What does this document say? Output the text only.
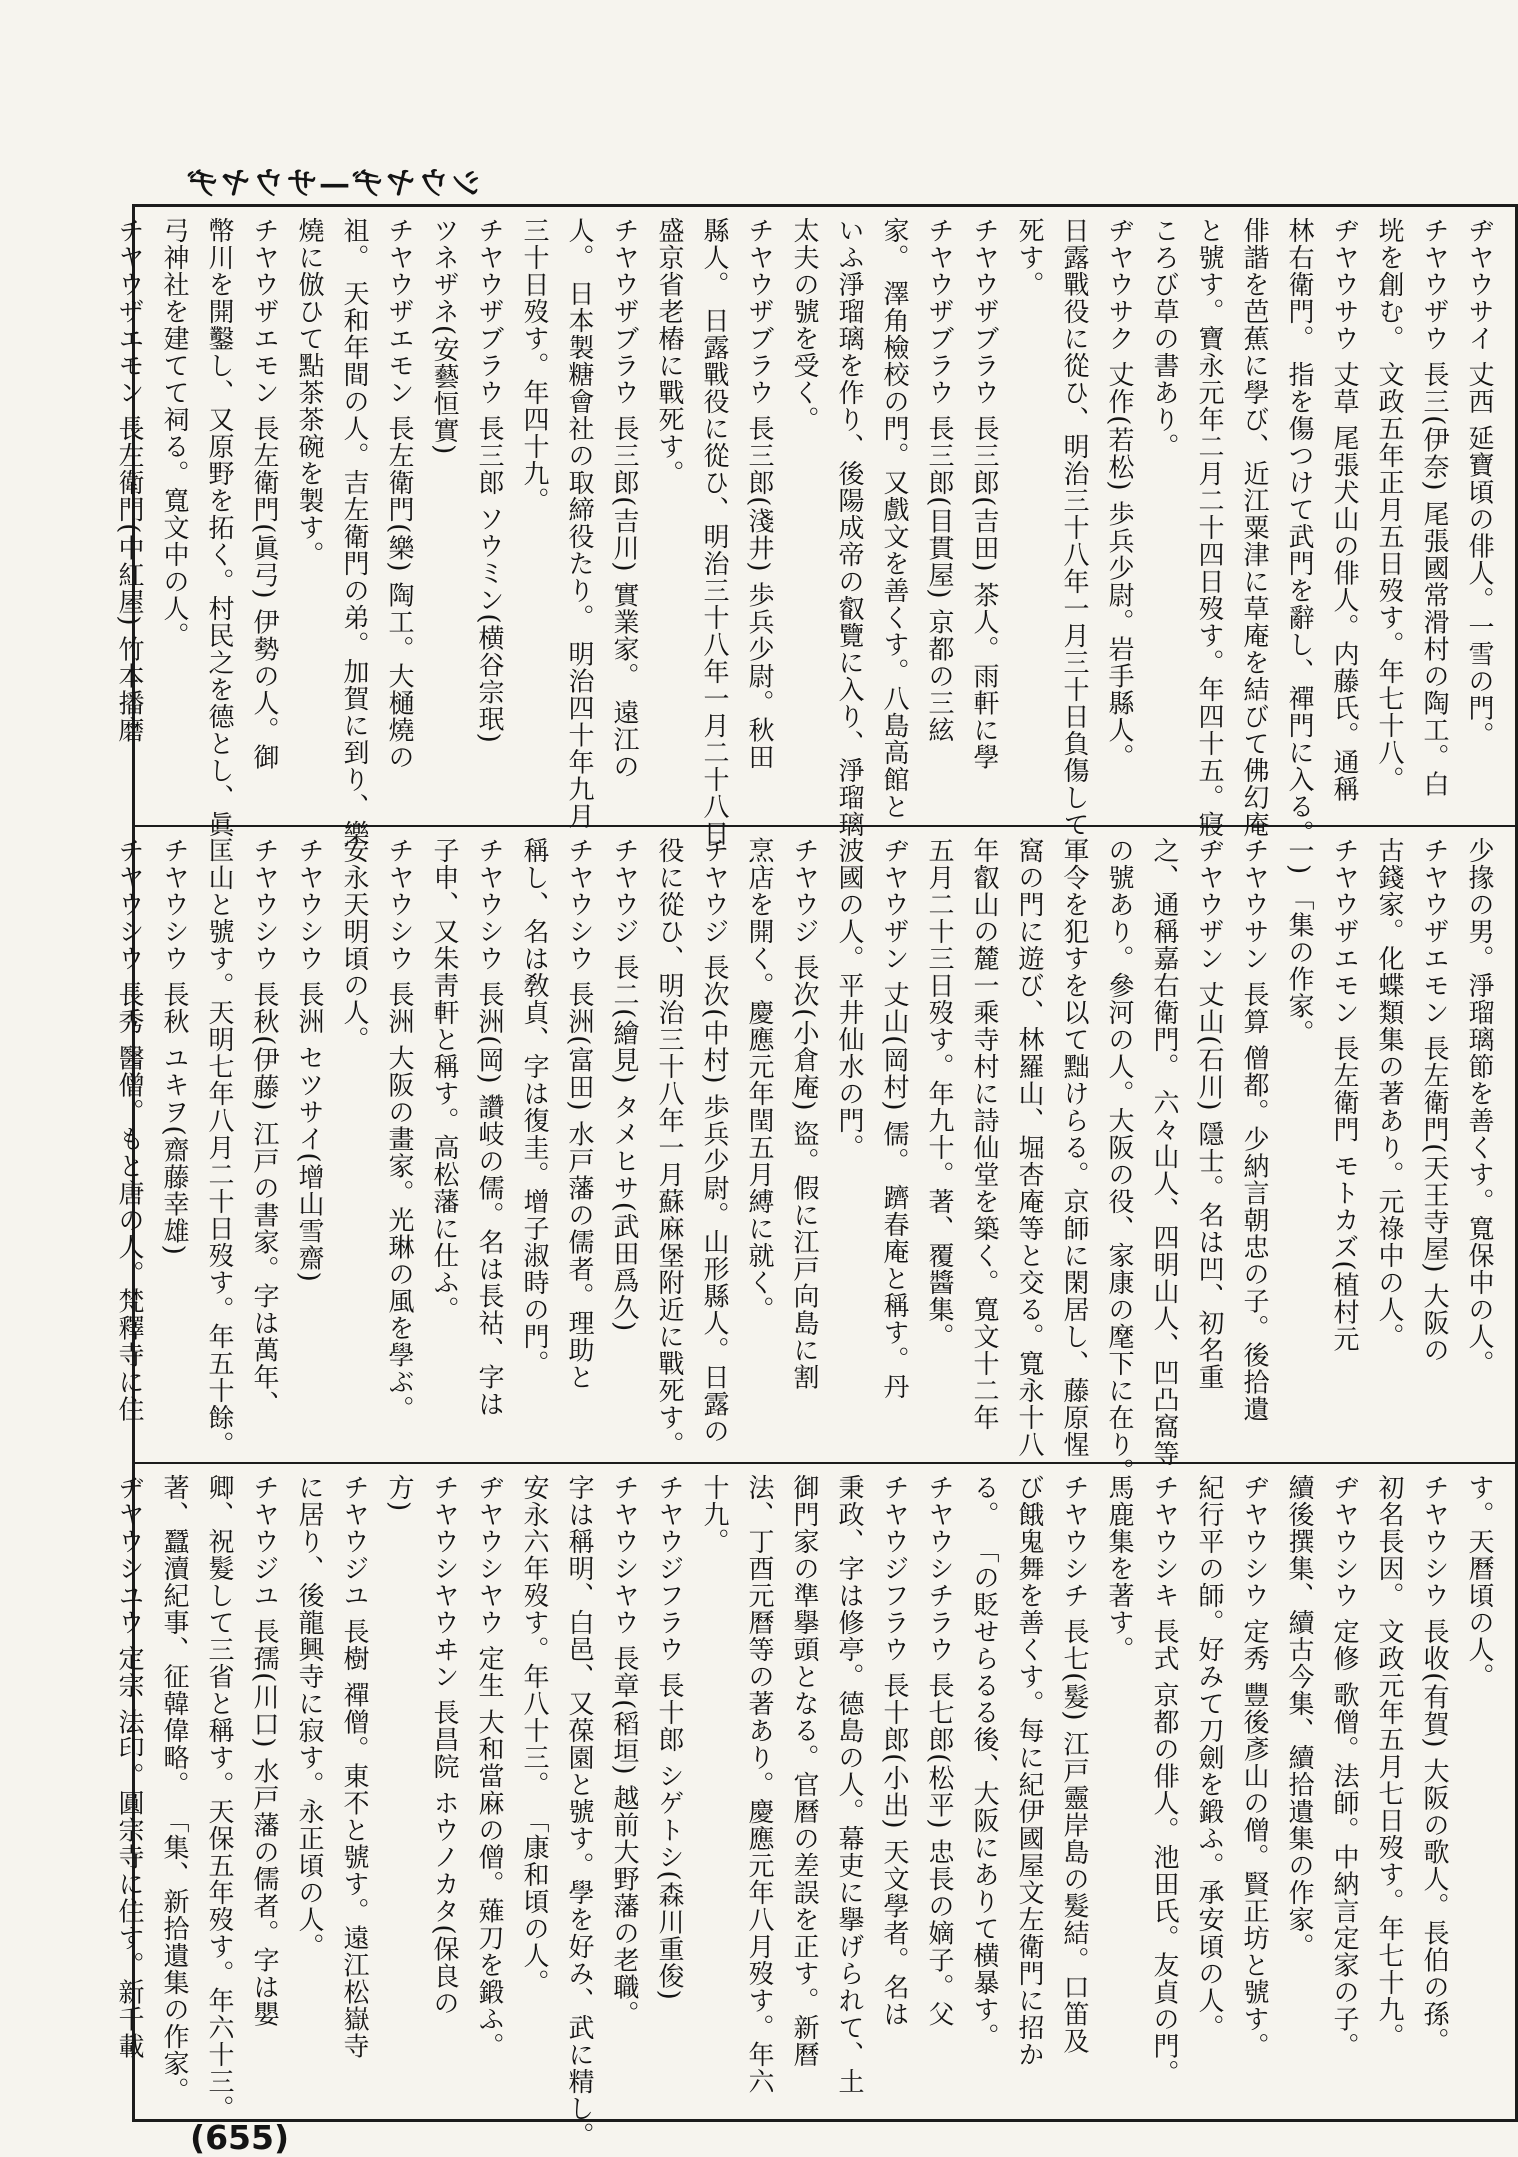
シウヤヂ—サウヤヂ
ヂヤウサイ 丈西 延寶頃の俳人。一雪の門。
チヤウザウ 長三(伊奈) 尾張國常滑村の陶工。白
垙を創む。 文政五年正月五日歿す。年七十八。
ヂヤウサウ 丈草 尾張犬山の俳人。内藤氏。通稱
林右衛門。 指を傷つけて武門を辭し、禪門に入る。
俳諧を芭蕉に學び、近江粟津に草庵を結びて佛幻庵
と號す。寶永元年二月二十四日歿す。年四十五。寢
ころび草の書あり。
ヂヤウサク 丈作(若松) 歩兵少尉。岩手縣人。
日露戰役に從ひ、明治三十八年一月三十日負傷して
死す。
チヤウザブラウ 長三郎(吉田) 茶人。雨軒に學
チヤウザブラウ 長三郎(目貫屋) 京都の三絃
家。 澤角檢校の門。又戲文を善くす。八島高館と
いふ淨瑠璃を作り、後陽成帝の叡覽に入り、淨瑠璃
太夫の號を受く。
チヤウザブラウ 長三郎(淺井) 歩兵少尉。秋田
縣人。 日露戰役に從ひ、明治三十八年一月二十八日
盛京省老樁に戰死す。
チヤウザブラウ 長三郎(吉川) 實業家。 遠江の
人。 日本製糖會社の取締役たり。 明治四十年九月
三十日歿す。年四十九。
チヤウザブラウ 長三郎 ソウミン(横谷宗珉)
ツネザネ(安藝恒實)
チヤウザエモン 長左衛門(樂) 陶工。大樋燒の
祖。 天和年間の人。吉左衛門の弟。加賀に到り、樂
燒に倣ひて點茶茶碗を製す。
チヤウザエモン 長左衛門(眞弓) 伊勢の人。御
幣川を開鑿し、又原野を拓く。村民之を德とし、眞
弓神社を建てて祠る。寬文中の人。
チヤウザエモン 長左衛門(中紅屋) 竹本播磨
少掾の男。淨瑠璃節を善くす。寬保中の人。
チヤウザエモン 長左衛門(天王寺屋) 大阪の
古錢家。化蝶類集の著あり。元祿中の人。
チヤウザエモン 長左衛門 モトカズ(植村元
一) 「集の作家。
チヤウサン 長算 僧都。少納言朝忠の子。後拾遺
ヂヤウザン 丈山(石川) 隱士。名は凹、初名重
之、通稱嘉右衛門。 六々山人、四明山人、凹凸窩等
の號あり。參河の人。大阪の役、家康の麾下に在り。
軍令を犯すを以て黜けらる。京師に閑居し、藤原惺
窩の門に遊び、林羅山、堀杏庵等と交る。寬永十八
年叡山の麓一乘寺村に詩仙堂を築く。寬文十二年
五月二十三日歿す。年九十。著、覆醬集。
ヂヤウザン 丈山(岡村) 儒。 躋春庵と稱す。丹
波國の人。平井仙水の門。
チヤウジ 長次(小倉庵) 盜。假に江戸向島に割
烹店を開く。慶應元年閏五月縛に就く。
チヤウジ 長次(中村) 歩兵少尉。山形縣人。日露の
役に從ひ、明治三十八年一月蘇麻堡附近に戰死す。
チヤウジ 長二(繪見) タメヒサ(武田爲久)
チヤウシウ 長洲(富田) 水戸藩の儒者。理助と
稱し、名は敎貞、字は復圭。增子淑時の門。
チヤウシウ 長洲(岡) 讚岐の儒。名は長祜、字は
子申、又朱靑軒と稱す。高松藩に仕ふ。
チヤウシウ 長洲 大阪の畫家。光琳の風を學ぶ。
安永天明頃の人。
チヤウシウ 長洲 セツサイ(增山雪齋)
チヤウシウ 長秋(伊藤) 江戸の書家。字は萬年、
匡山と號す。天明七年八月二十日歿す。年五十餘。
チヤウシウ 長秋 ユキヲ(齋藤幸雄)
チヤウシウ 長秀 醫僧。もと唐の人。梵釋寺に住
す。天曆頃の人。
チヤウシウ 長收(有賀) 大阪の歌人。長伯の孫。
初名長因。 文政元年五月七日歿す。年七十九。
ヂヤウシウ 定修 歌僧。法師。中納言定家の子。
續後撰集、續古今集、續拾遺集の作家。
ヂヤウシウ 定秀 豐後彥山の僧。賢正坊と號す。
紀行平の師。好みて刀劍を鍛ふ。承安頃の人。
チヤウシキ 長式 京都の俳人。池田氏。友貞の門。
馬鹿集を著す。
チヤウシチ 長七(髮) 江戸靈岸島の髮結。口笛及
び餓鬼舞を善くす。每に紀伊國屋文左衛門に招か
る。 「の貶せらるる後、大阪にありて横暴す。
チヤウシチラウ 長七郎(松平) 忠長の嫡子。父
チヤウジフラウ 長十郎(小出) 天文學者。名は
秉政、字は修亭。德島の人。幕吏に擧げられて、土
御門家の準擧頭となる。官曆の差誤を正す。新曆
法、丁酉元曆等の著あり。慶應元年八月歿す。年六
十九。
チヤウジフラウ 長十郎 シゲトシ(森川重俊)
チヤウシヤウ 長章(稻垣) 越前大野藩の老職。
字は稱明、白邑、又葆園と號す。學を好み、武に精し。
安永六年歿す。年八十三。 「康和頃の人。
ヂヤウシヤウ 定生 大和當麻の僧。薙刀を鍛ふ。
チヤウシヤウヰン 長昌院 ホウノカタ(保良の
方)
チヤウジユ 長樹 禪僧。東不と號す。遠江松嶽寺
に居り、後龍興寺に寂す。永正頃の人。
チヤウジユ 長孺(川口) 水戸藩の儒者。字は嬰
卿、祝髮して三省と稱す。天保五年歿す。年六十三。
著、蠶瀆紀事、征韓偉略。 「集、新拾遺集の作家。
ヂヤウシユウ 定宗 法印。圓宗寺に住す。新千載
(655)
